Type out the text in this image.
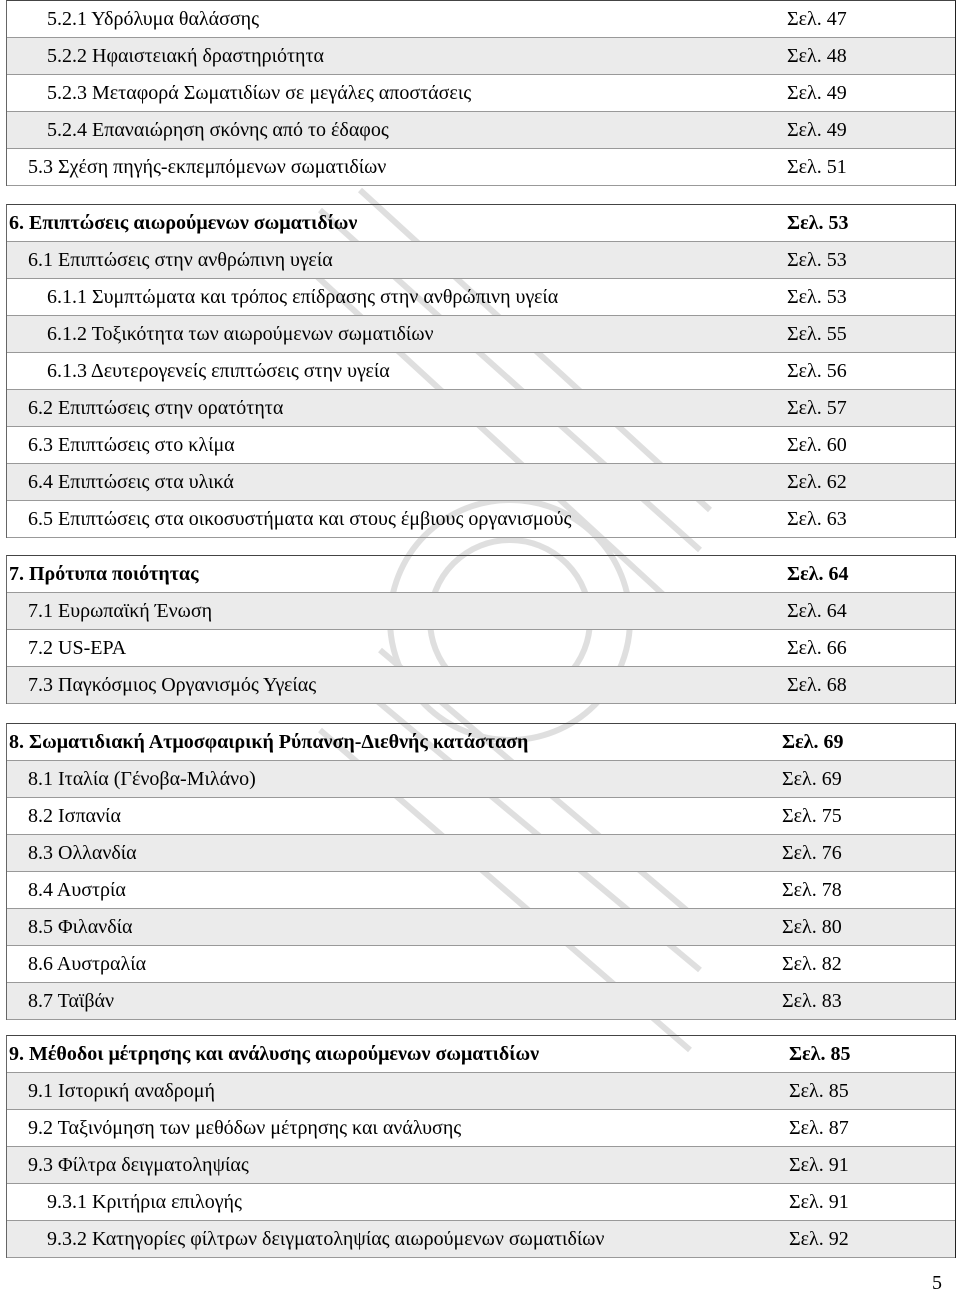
5.2.1 Υδρόλυμα θαλάσσης	Σελ. 47
5.2.2 Ηφαιστειακή δραστηριότητα	Σελ. 48
5.2.3 Μεταφορά Σωματιδίων σε μεγάλες αποστάσεις	Σελ. 49
5.2.4 Επαναιώρηση σκόνης από το έδαφος	Σελ. 49
5.3 Σχέση πηγής-εκπεμπόμενων σωματιδίων	Σελ. 51
6. Επιπτώσεις αιωρούμενων σωματιδίων	Σελ. 53
6.1 Επιπτώσεις στην ανθρώπινη υγεία	Σελ. 53
6.1.1 Συμπτώματα και τρόπος επίδρασης στην ανθρώπινη υγεία	Σελ. 53
6.1.2 Τοξικότητα των αιωρούμενων σωματιδίων	Σελ. 55
6.1.3 Δευτερογενείς επιπτώσεις στην υγεία	Σελ. 56
6.2 Επιπτώσεις στην ορατότητα	Σελ. 57
6.3 Επιπτώσεις στο κλίμα	Σελ. 60
6.4 Επιπτώσεις στα υλικά	Σελ. 62
6.5 Επιπτώσεις στα οικοσυστήματα και στους έμβιους οργανισμούς	Σελ. 63
7. Πρότυπα ποιότητας	Σελ. 64
7.1 Ευρωπαϊκή Ένωση	Σελ. 64
7.2 US-EPA	Σελ. 66
7.3 Παγκόσμιος Οργανισμός Υγείας	Σελ. 68
8. Σωματιδιακή Ατμοσφαιρική Ρύπανση-Διεθνής κατάσταση	Σελ. 69
8.1 Ιταλία (Γένοβα-Μιλάνο)	Σελ. 69
8.2 Ισπανία	Σελ. 75
8.3 Ολλανδία	Σελ. 76
8.4 Αυστρία	Σελ. 78
8.5 Φιλανδία	Σελ. 80
8.6 Αυστραλία	Σελ. 82
8.7 Ταϊβάν	Σελ. 83
9. Μέθοδοι μέτρησης και ανάλυσης αιωρούμενων σωματιδίων	Σελ. 85
9.1 Ιστορική αναδρομή	Σελ. 85
9.2 Ταξινόμηση των μεθόδων μέτρησης και ανάλυσης	Σελ. 87
9.3 Φίλτρα δειγματοληψίας	Σελ. 91
9.3.1 Κριτήρια επιλογής	Σελ. 91
9.3.2 Κατηγορίες φίλτρων δειγματοληψίας αιωρούμενων σωματιδίων	Σελ. 92
5
